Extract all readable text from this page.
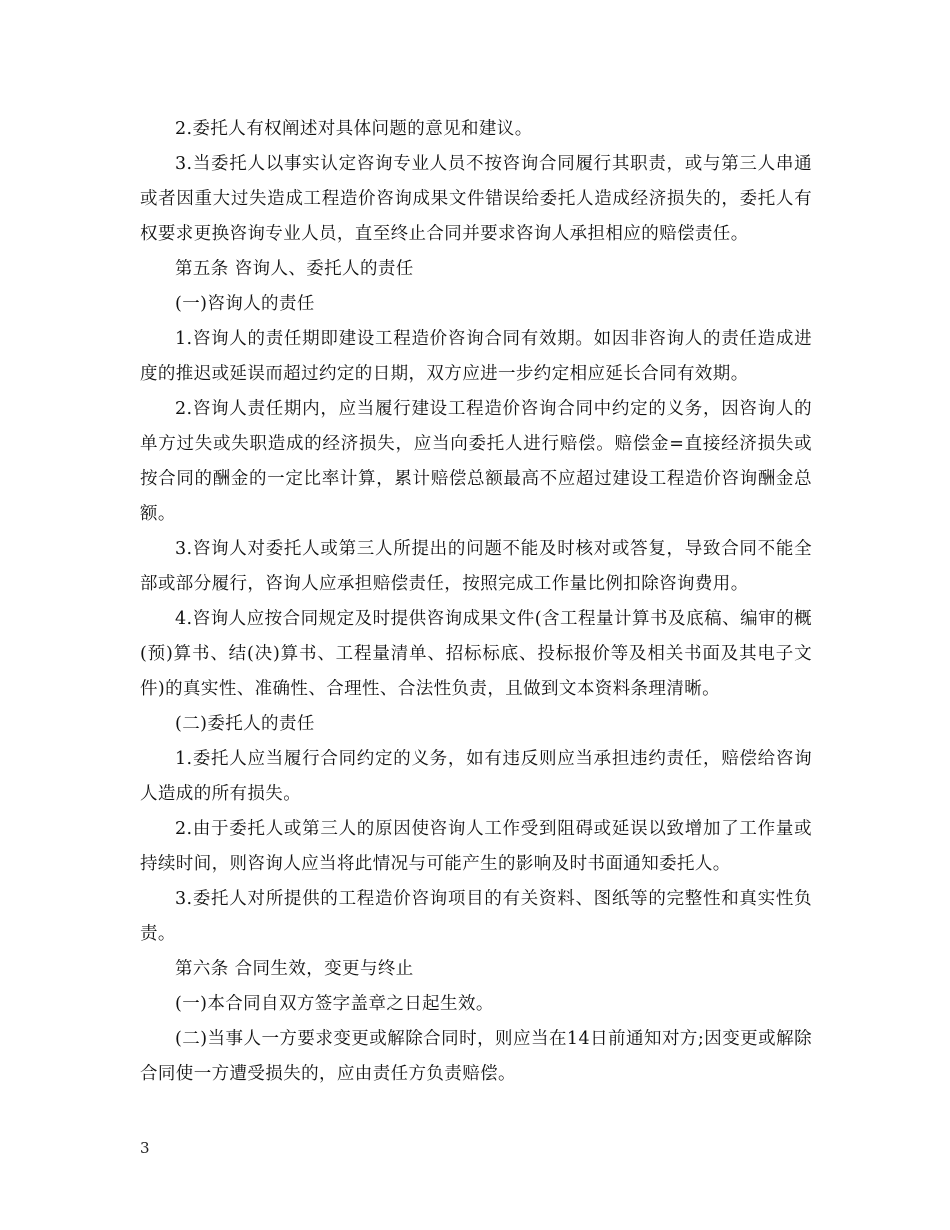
2.委托人有权阐述对具体问题的意见和建议。

3.当委托人以事实认定咨询专业人员不按咨询合同履行其职责，或与第三人串通或者因重大过失造成工程造价咨询成果文件错误给委托人造成经济损失的，委托人有权要求更换咨询专业人员，直至终止合同并要求咨询人承担相应的赔偿责任。

第五条 咨询人、委托人的责任

(一)咨询人的责任

1.咨询人的责任期即建设工程造价咨询合同有效期。如因非咨询人的责任造成进度的推迟或延误而超过约定的日期，双方应进一步约定相应延长合同有效期。

2.咨询人责任期内，应当履行建设工程造价咨询合同中约定的义务，因咨询人的单方过失或失职造成的经济损失，应当向委托人进行赔偿。赔偿金=直接经济损失或按合同的酬金的一定比率计算，累计赔偿总额最高不应超过建设工程造价咨询酬金总额。

3.咨询人对委托人或第三人所提出的问题不能及时核对或答复，导致合同不能全部或部分履行，咨询人应承担赔偿责任，按照完成工作量比例扣除咨询费用。

4.咨询人应按合同规定及时提供咨询成果文件(含工程量计算书及底稿、编审的概(预)算书、结(决)算书、工程量清单、招标标底、投标报价等及相关书面及其电子文件)的真实性、准确性、合理性、合法性负责，且做到文本资料条理清晰。

(二)委托人的责任

1.委托人应当履行合同约定的义务，如有违反则应当承担违约责任，赔偿给咨询人造成的所有损失。

2.由于委托人或第三人的原因使咨询人工作受到阻碍或延误以致增加了工作量或持续时间，则咨询人应当将此情况与可能产生的影响及时书面通知委托人。

3.委托人对所提供的工程造价咨询项目的有关资料、图纸等的完整性和真实性负责。

第六条 合同生效，变更与终止

(一)本合同自双方签字盖章之日起生效。

(二)当事人一方要求变更或解除合同时，则应当在14日前通知对方;因变更或解除合同使一方遭受损失的，应由责任方负责赔偿。

3
